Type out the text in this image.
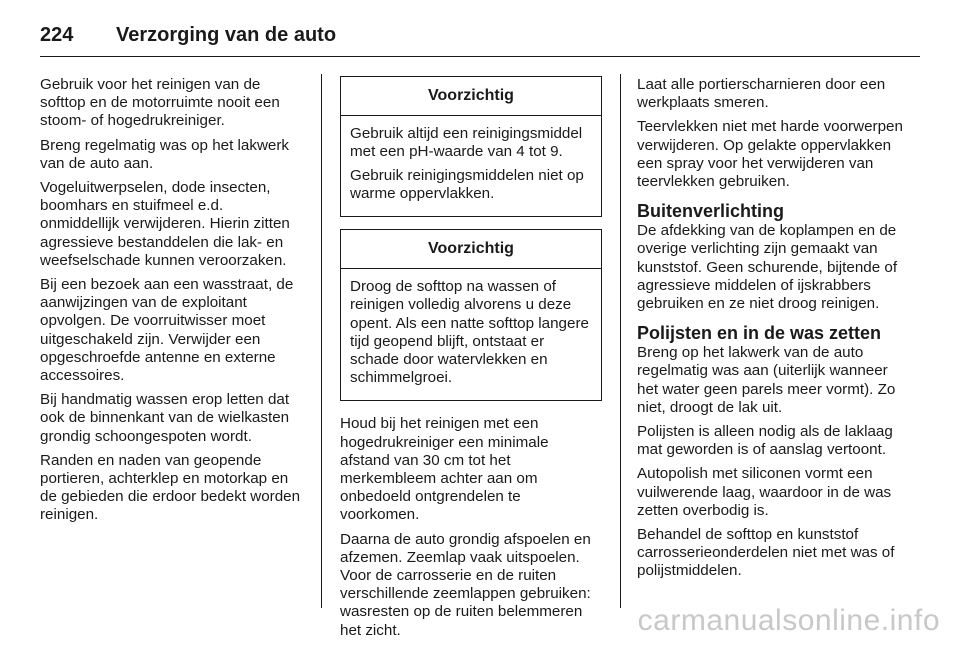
224	Verzorging van de auto

Gebruik voor het reinigen van de softtop en de motorruimte nooit een stoom- of hogedrukreiniger.

Breng regelmatig was op het lakwerk van de auto aan.

Vogeluitwerpselen, dode insecten, boomhars en stuifmeel e.d. onmiddellijk verwijderen. Hierin zitten agressieve bestanddelen die lak- en weefselschade kunnen veroorzaken.

Bij een bezoek aan een wasstraat, de aanwijzingen van de exploitant opvolgen. De voorruitwisser moet uitgeschakeld zijn. Verwijder een opgeschroefde antenne en externe accessoires.

Bij handmatig wassen erop letten dat ook de binnenkant van de wielkasten grondig schoongespoten wordt.

Randen en naden van geopende portieren, achterklep en motorkap en de gebieden die erdoor bedekt worden reinigen.

Voorzichtig

Gebruik altijd een reinigingsmiddel met een pH-waarde van 4 tot 9.

Gebruik reinigingsmiddelen niet op warme oppervlakken.

Voorzichtig

Droog de softtop na wassen of reinigen volledig alvorens u deze opent. Als een natte softtop langere tijd geopend blijft, ontstaat er schade door watervlekken en schimmelgroei.

Houd bij het reinigen met een hogedrukreiniger een minimale afstand van 30 cm tot het merkembleem achter aan om onbedoeld ontgrendelen te voorkomen.

Daarna de auto grondig afspoelen en afzemen. Zeemlap vaak uitspoelen. Voor de carrosserie en de ruiten verschillende zeemlappen gebruiken: wasresten op de ruiten belemmeren het zicht.

Laat alle portierscharnieren door een werkplaats smeren.

Teervlekken niet met harde voorwerpen verwijderen. Op gelakte oppervlakken een spray voor het verwijderen van teervlekken gebruiken.

Buitenverlichting

De afdekking van de koplampen en de overige verlichting zijn gemaakt van kunststof. Geen schurende, bijtende of agressieve middelen of ijskrabbers gebruiken en ze niet droog reinigen.

Polijsten en in de was zetten

Breng op het lakwerk van de auto regelmatig was aan (uiterlijk wanneer het water geen parels meer vormt). Zo niet, droogt de lak uit.

Polijsten is alleen nodig als de laklaag mat geworden is of aanslag vertoont.

Autopolish met siliconen vormt een vuilwerende laag, waardoor in de was zetten overbodig is.

Behandel de softtop en kunststof carrosserieonderdelen niet met was of polijstmiddelen.

carmanualsonline.info
